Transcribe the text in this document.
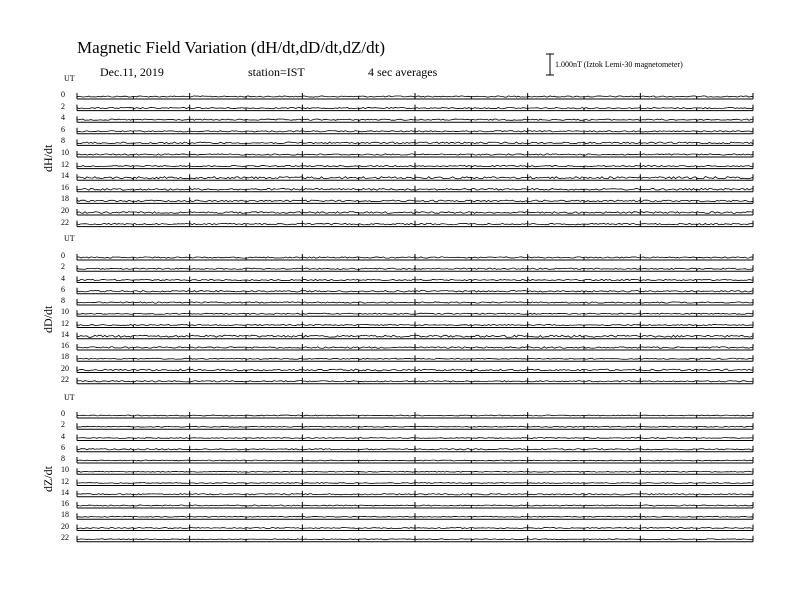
Magnetic Field Variation (dH/dt,dD/dt,dZ/dt)
Dec.11, 2019	station=IST	4 sec averages
1.000nT (Iztok Lemi-30 magnetometer)
UT
dH/dt
0
2
4
6
8
10
12
14
16
18
20
22
UT
dD/dt
0
2
4
6
8
10
12
14
16
18
20
22
UT
dZ/dt
0
2
4
6
8
10
12
14
16
18
20
22
